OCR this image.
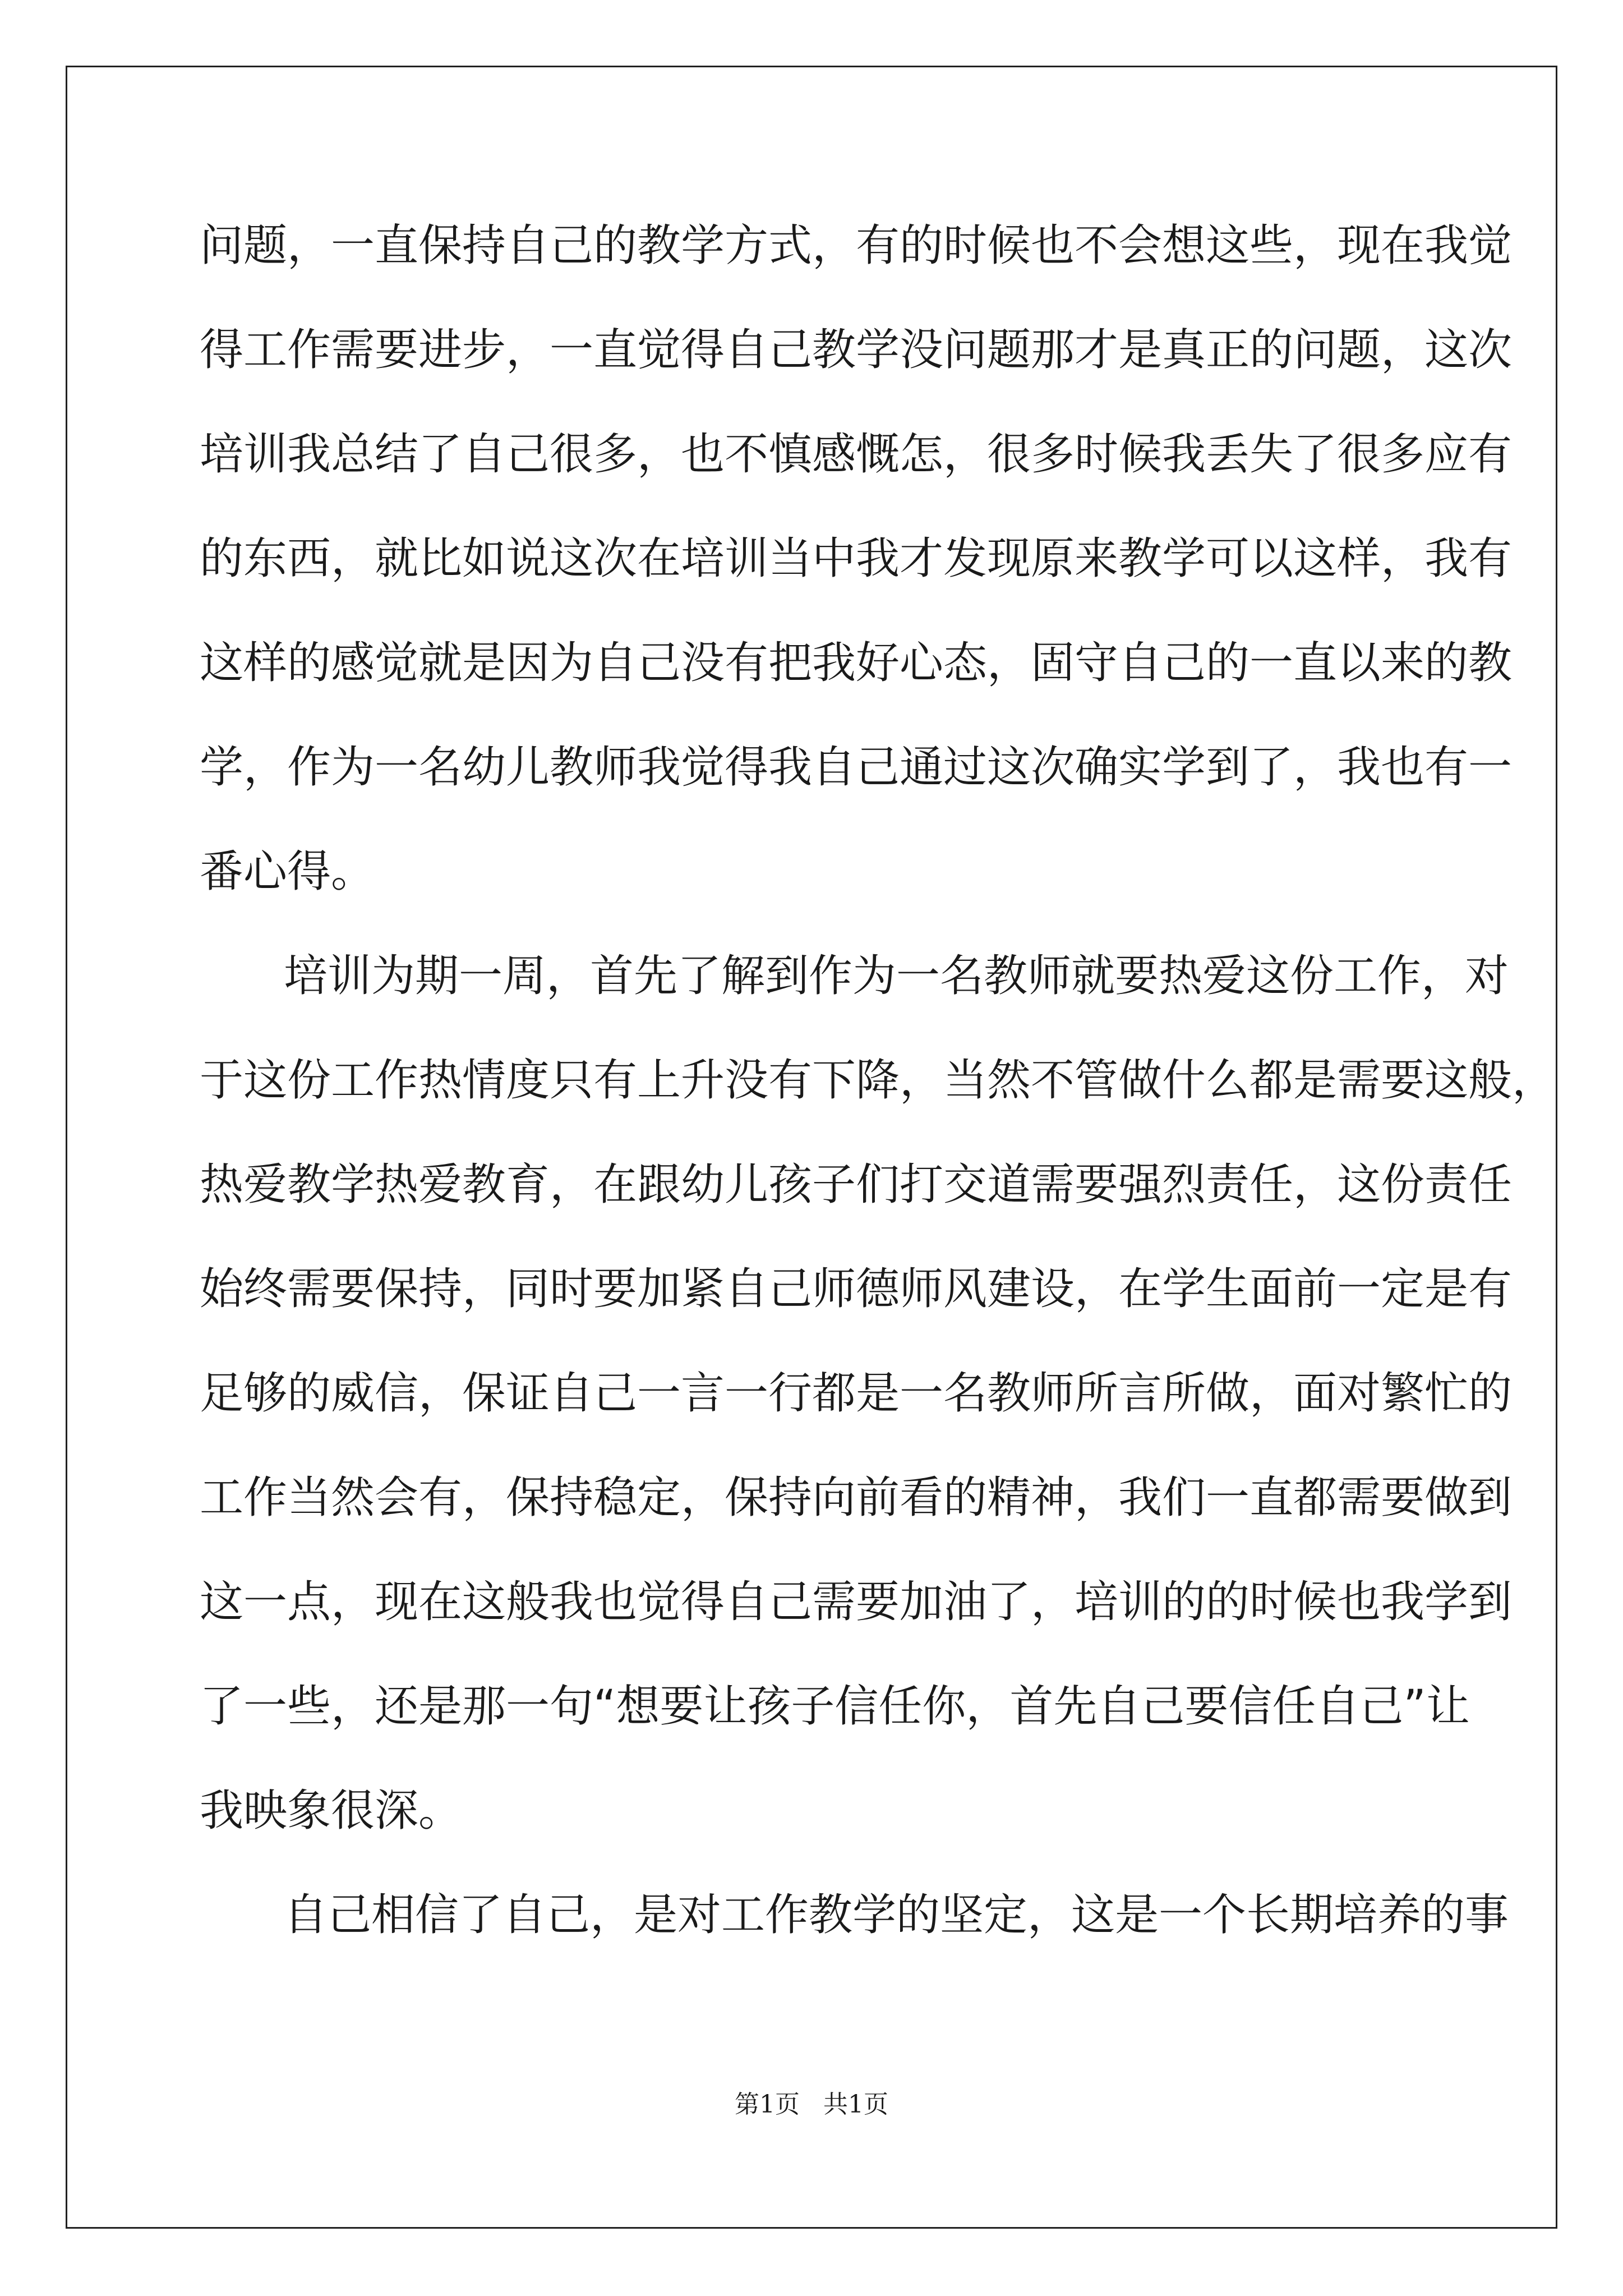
问题，一直保持自己的教学方式，有的时候也不会想这些，现在我觉
得工作需要进步，一直觉得自己教学没问题那才是真正的问题，这次
培训我总结了自己很多，也不慎感慨怎，很多时候我丢失了很多应有
的东西，就比如说这次在培训当中我才发现原来教学可以这样，我有
这样的感觉就是因为自己没有把我好心态，固守自己的一直以来的教
学，作为一名幼儿教师我觉得我自己通过这次确实学到了，我也有一
番心得。
培训为期一周，首先了解到作为一名教师就要热爱这份工作，对
于这份工作热情度只有上升没有下降，当然不管做什么都是需要这般，
热爱教学热爱教育，在跟幼儿孩子们打交道需要强烈责任，这份责任
始终需要保持，同时要加紧自己师德师风建设，在学生面前一定是有
足够的威信，保证自己一言一行都是一名教师所言所做，面对繁忙的
工作当然会有，保持稳定，保持向前看的精神，我们一直都需要做到
这一点，现在这般我也觉得自己需要加油了，培训的的时候也我学到
了一些，还是那一句“想要让孩子信任你，首先自己要信任自己”让
我映象很深。
自己相信了自己，是对工作教学的坚定，这是一个长期培养的事
第1页 共1页
